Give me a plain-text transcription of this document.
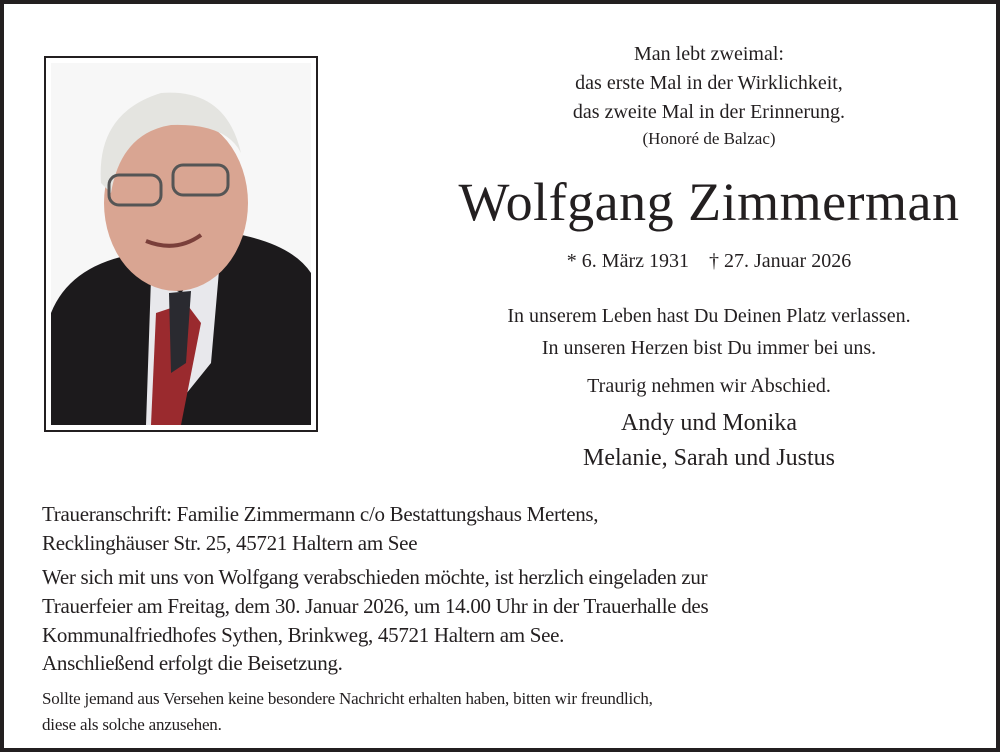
Man lebt zweimal:
das erste Mal in der Wirklichkeit,
das zweite Mal in der Erinnerung.
(Honoré de Balzac)
Wolfgang Zimmerman
* 6. März 1931 † 27. Januar 2026
In unserem Leben hast Du Deinen Platz verlassen.
In unseren Herzen bist Du immer bei uns.
Traurig nehmen wir Abschied.
Andy und Monika
Melanie, Sarah und Justus
Traueranschrift: Familie Zimmermann c/o Bestattungshaus Mertens,
Recklinghäuser Str. 25, 45721 Haltern am See
Wer sich mit uns von Wolfgang verabschieden möchte, ist herzlich eingeladen zur
Trauerfeier am Freitag, dem 30. Januar 2026, um 14.00 Uhr in der Trauerhalle des
Kommunalfriedhofes Sythen, Brinkweg, 45721 Haltern am See.
Anschließend erfolgt die Beisetzung.
Sollte jemand aus Versehen keine besondere Nachricht erhalten haben, bitten wir freundlich,
diese als solche anzusehen.
